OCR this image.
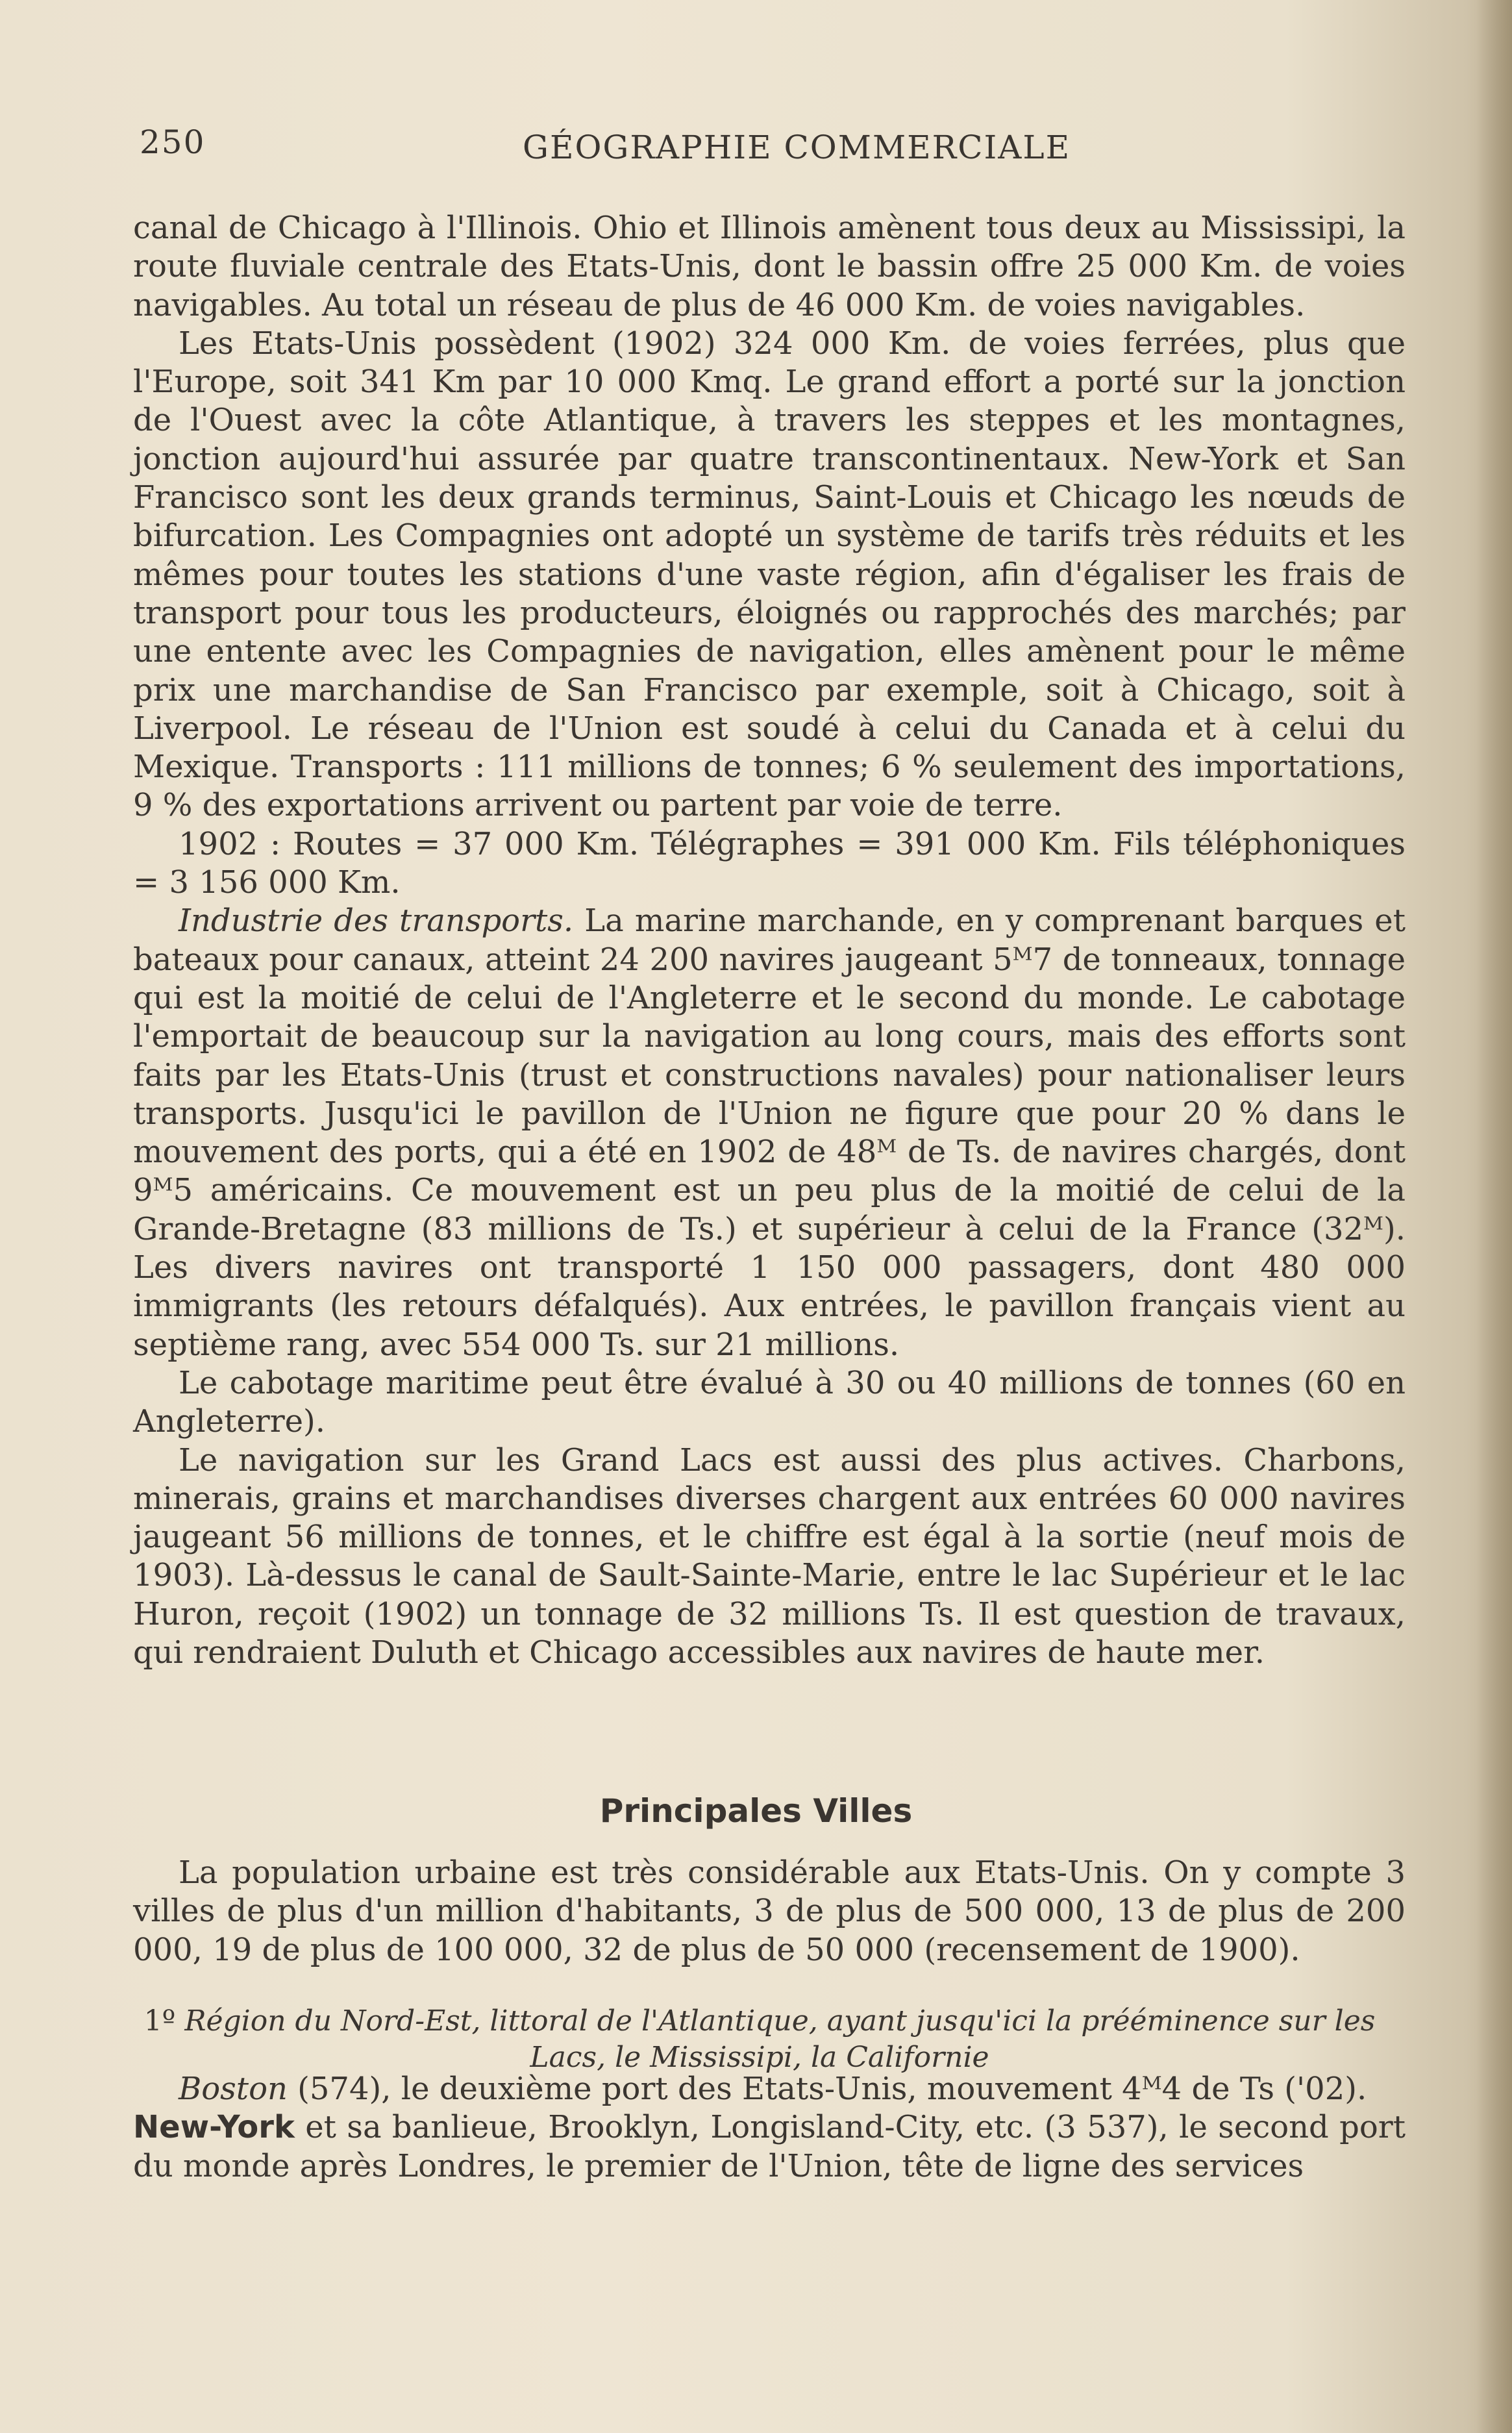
250	GÉOGRAPHIE COMMERCIALE

canal de Chicago à l'Illinois. Ohio et Illinois amènent tous deux au Mississipi, la route fluviale centrale des Etats-Unis, dont le bassin offre 25 000 Km. de voies navigables. Au total un réseau de plus de 46 000 Km. de voies navigables.

Les Etats-Unis possèdent (1902) 324 000 Km. de voies ferrées, plus que l'Europe, soit 341 Km par 10 000 Kmq. Le grand effort a porté sur la jonction de l'Ouest avec la côte Atlantique, à travers les steppes et les montagnes, jonction aujourd'hui assurée par quatre transcontinentaux. New-York et San Francisco sont les deux grands terminus, Saint-Louis et Chicago les nœuds de bifurcation. Les Compagnies ont adopté un système de tarifs très réduits et les mêmes pour toutes les stations d'une vaste région, afin d'égaliser les frais de transport pour tous les producteurs, éloignés ou rapprochés des marchés; par une entente avec les Compagnies de navigation, elles amènent pour le même prix une marchandise de San Francisco par exemple, soit à Chicago, soit à Liverpool. Le réseau de l'Union est soudé à celui du Canada et à celui du Mexique. Transports : 111 millions de tonnes; 6 % seulement des importations, 9 % des exportations arrivent ou partent par voie de terre.

1902 : Routes = 37 000 Km. Télégraphes = 391 000 Km. Fils téléphoniques = 3 156 000 Km.

Industrie des transports. La marine marchande, en y comprenant barques et bateaux pour canaux, atteint 24 200 navires jaugeant 5ᴹ7 de tonneaux, tonnage qui est la moitié de celui de l'Angleterre et le second du monde. Le cabotage l'emportait de beaucoup sur la navigation au long cours, mais des efforts sont faits par les Etats-Unis (trust et constructions navales) pour nationaliser leurs transports. Jusqu'ici le pavillon de l'Union ne figure que pour 20 % dans le mouvement des ports, qui a été en 1902 de 48ᴹ de Ts. de navires chargés, dont 9ᴹ5 américains. Ce mouvement est un peu plus de la moitié de celui de la Grande-Bretagne (83 millions de Ts.) et supérieur à celui de la France (32ᴹ). Les divers navires ont transporté 1 150 000 passagers, dont 480 000 immigrants (les retours défalqués). Aux entrées, le pavillon français vient au septième rang, avec 554 000 Ts. sur 21 millions.

Le cabotage maritime peut être évalué à 30 ou 40 millions de tonnes (60 en Angleterre).

Le navigation sur les Grand Lacs est aussi des plus actives. Charbons, minerais, grains et marchandises diverses chargent aux entrées 60 000 navires jaugeant 56 millions de tonnes, et le chiffre est égal à la sortie (neuf mois de 1903). Là-dessus le canal de Sault-Sainte-Marie, entre le lac Supérieur et le lac Huron, reçoit (1902) un tonnage de 32 millions Ts. Il est question de travaux, qui rendraient Duluth et Chicago accessibles aux navires de haute mer.

Principales Villes

La population urbaine est très considérable aux Etats-Unis. On y compte 3 villes de plus d'un million d'habitants, 3 de plus de 500 000, 13 de plus de 200 000, 19 de plus de 100 000, 32 de plus de 50 000 (recensement de 1900).

1º Région du Nord-Est, littoral de l'Atlantique, ayant jusqu'ici la prééminence sur les Lacs, le Mississipi, la Californie

Boston (574), le deuxième port des Etats-Unis, mouvement 4ᴹ4 de Ts ('02).

New-York et sa banlieue, Brooklyn, Longisland-City, etc. (3 537), le second port du monde après Londres, le premier de l'Union, tête de ligne des services
